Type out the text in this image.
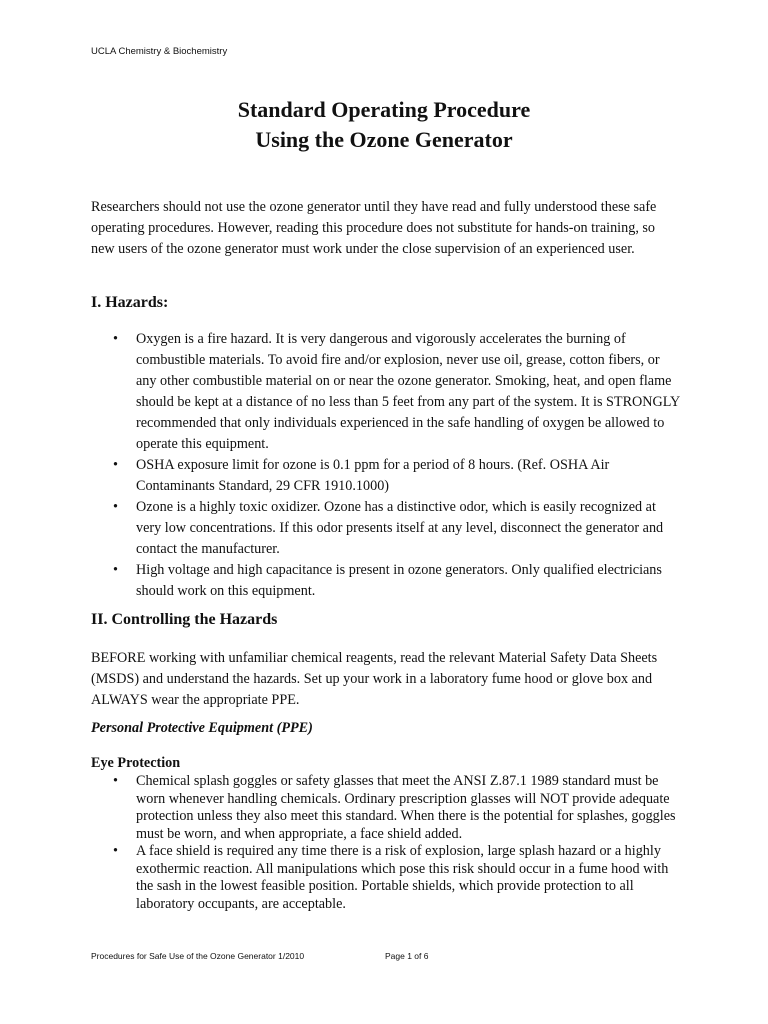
UCLA Chemistry & Biochemistry
Standard Operating Procedure
Using the Ozone Generator
Researchers should not use the ozone generator until they have read and fully understood these safe operating procedures. However, reading this procedure does not substitute for hands-on training, so new users of the ozone generator must work under the close supervision of an experienced user.
I. Hazards:
• Oxygen is a fire hazard. It is very dangerous and vigorously accelerates the burning of combustible materials. To avoid fire and/or explosion, never use oil, grease, cotton fibers, or any other combustible material on or near the ozone generator. Smoking, heat, and open flame should be kept at a distance of no less than 5 feet from any part of the system. It is STRONGLY recommended that only individuals experienced in the safe handling of oxygen be allowed to operate this equipment.
• OSHA exposure limit for ozone is 0.1 ppm for a period of 8 hours. (Ref. OSHA Air Contaminants Standard, 29 CFR 1910.1000)
• Ozone is a highly toxic oxidizer. Ozone has a distinctive odor, which is easily recognized at very low concentrations. If this odor presents itself at any level, disconnect the generator and contact the manufacturer.
• High voltage and high capacitance is present in ozone generators. Only qualified electricians should work on this equipment.
II. Controlling the Hazards
BEFORE working with unfamiliar chemical reagents, read the relevant Material Safety Data Sheets (MSDS) and understand the hazards. Set up your work in a laboratory fume hood or glove box and ALWAYS wear the appropriate PPE.
Personal Protective Equipment (PPE)
Eye Protection
• Chemical splash goggles or safety glasses that meet the ANSI Z.87.1 1989 standard must be worn whenever handling chemicals. Ordinary prescription glasses will NOT provide adequate protection unless they also meet this standard. When there is the potential for splashes, goggles must be worn, and when appropriate, a face shield added.
• A face shield is required any time there is a risk of explosion, large splash hazard or a highly exothermic reaction. All manipulations which pose this risk should occur in a fume hood with the sash in the lowest feasible position. Portable shields, which provide protection to all laboratory occupants, are acceptable.
Procedures for Safe Use of the Ozone Generator 1/2010	Page 1 of 6
